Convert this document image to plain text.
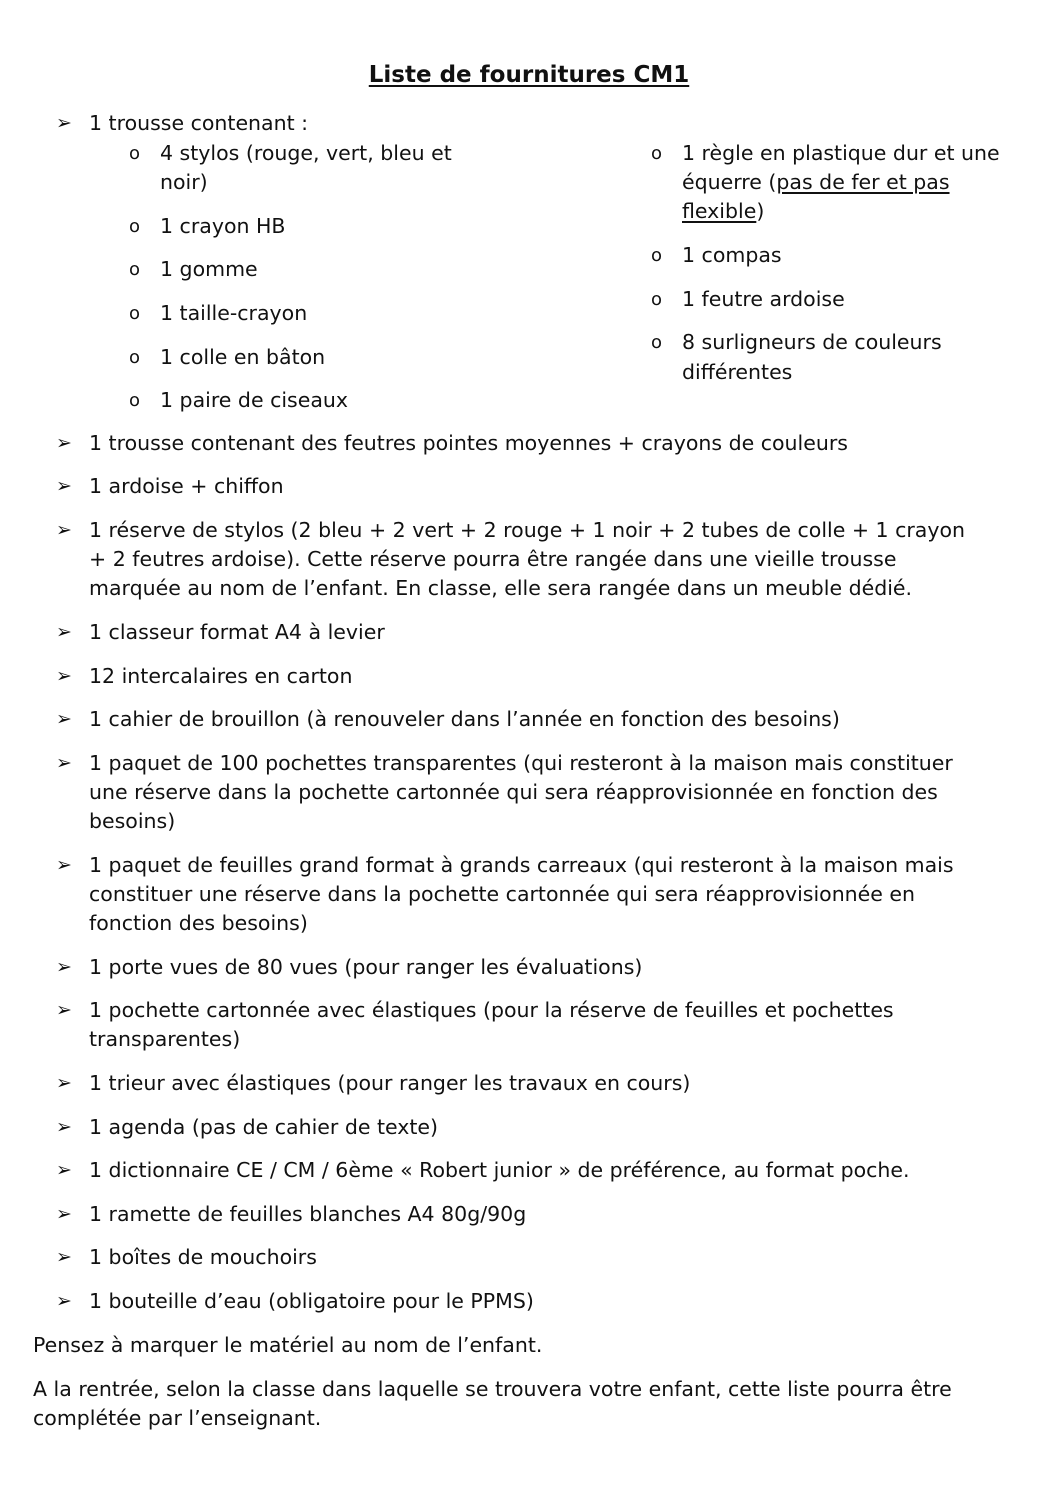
Liste de fournitures CM1
➢ 1 trousse contenant :
o 4 stylos (rouge, vert, bleu et
noir)
o 1 crayon HB
o 1 gomme
o 1 taille-crayon
o 1 colle en bâton
o 1 paire de ciseaux
o 1 règle en plastique dur et une
équerre (pas de fer et pas
flexible)
o 1 compas
o 1 feutre ardoise
o 8 surligneurs de couleurs
différentes
➢ 1 trousse contenant des feutres pointes moyennes + crayons de couleurs
➢ 1 ardoise + chiffon
➢ 1 réserve de stylos (2 bleu + 2 vert + 2 rouge + 1 noir + 2 tubes de colle + 1 crayon
+ 2 feutres ardoise). Cette réserve pourra être rangée dans une vieille trousse
marquée au nom de l’enfant. En classe, elle sera rangée dans un meuble dédié.
➢ 1 classeur format A4 à levier
➢ 12 intercalaires en carton
➢ 1 cahier de brouillon (à renouveler dans l’année en fonction des besoins)
➢ 1 paquet de 100 pochettes transparentes (qui resteront à la maison mais constituer
une réserve dans la pochette cartonnée qui sera réapprovisionnée en fonction des
besoins)
➢ 1 paquet de feuilles grand format à grands carreaux (qui resteront à la maison mais
constituer une réserve dans la pochette cartonnée qui sera réapprovisionnée en
fonction des besoins)
➢ 1 porte vues de 80 vues (pour ranger les évaluations)
➢ 1 pochette cartonnée avec élastiques (pour la réserve de feuilles et pochettes
transparentes)
➢ 1 trieur avec élastiques (pour ranger les travaux en cours)
➢ 1 agenda (pas de cahier de texte)
➢ 1 dictionnaire CE / CM / 6ème « Robert junior » de préférence, au format poche.
➢ 1 ramette de feuilles blanches A4 80g/90g
➢ 1 boîtes de mouchoirs
➢ 1 bouteille d’eau (obligatoire pour le PPMS)
Pensez à marquer le matériel au nom de l’enfant.
A la rentrée, selon la classe dans laquelle se trouvera votre enfant, cette liste pourra être
complétée par l’enseignant.
